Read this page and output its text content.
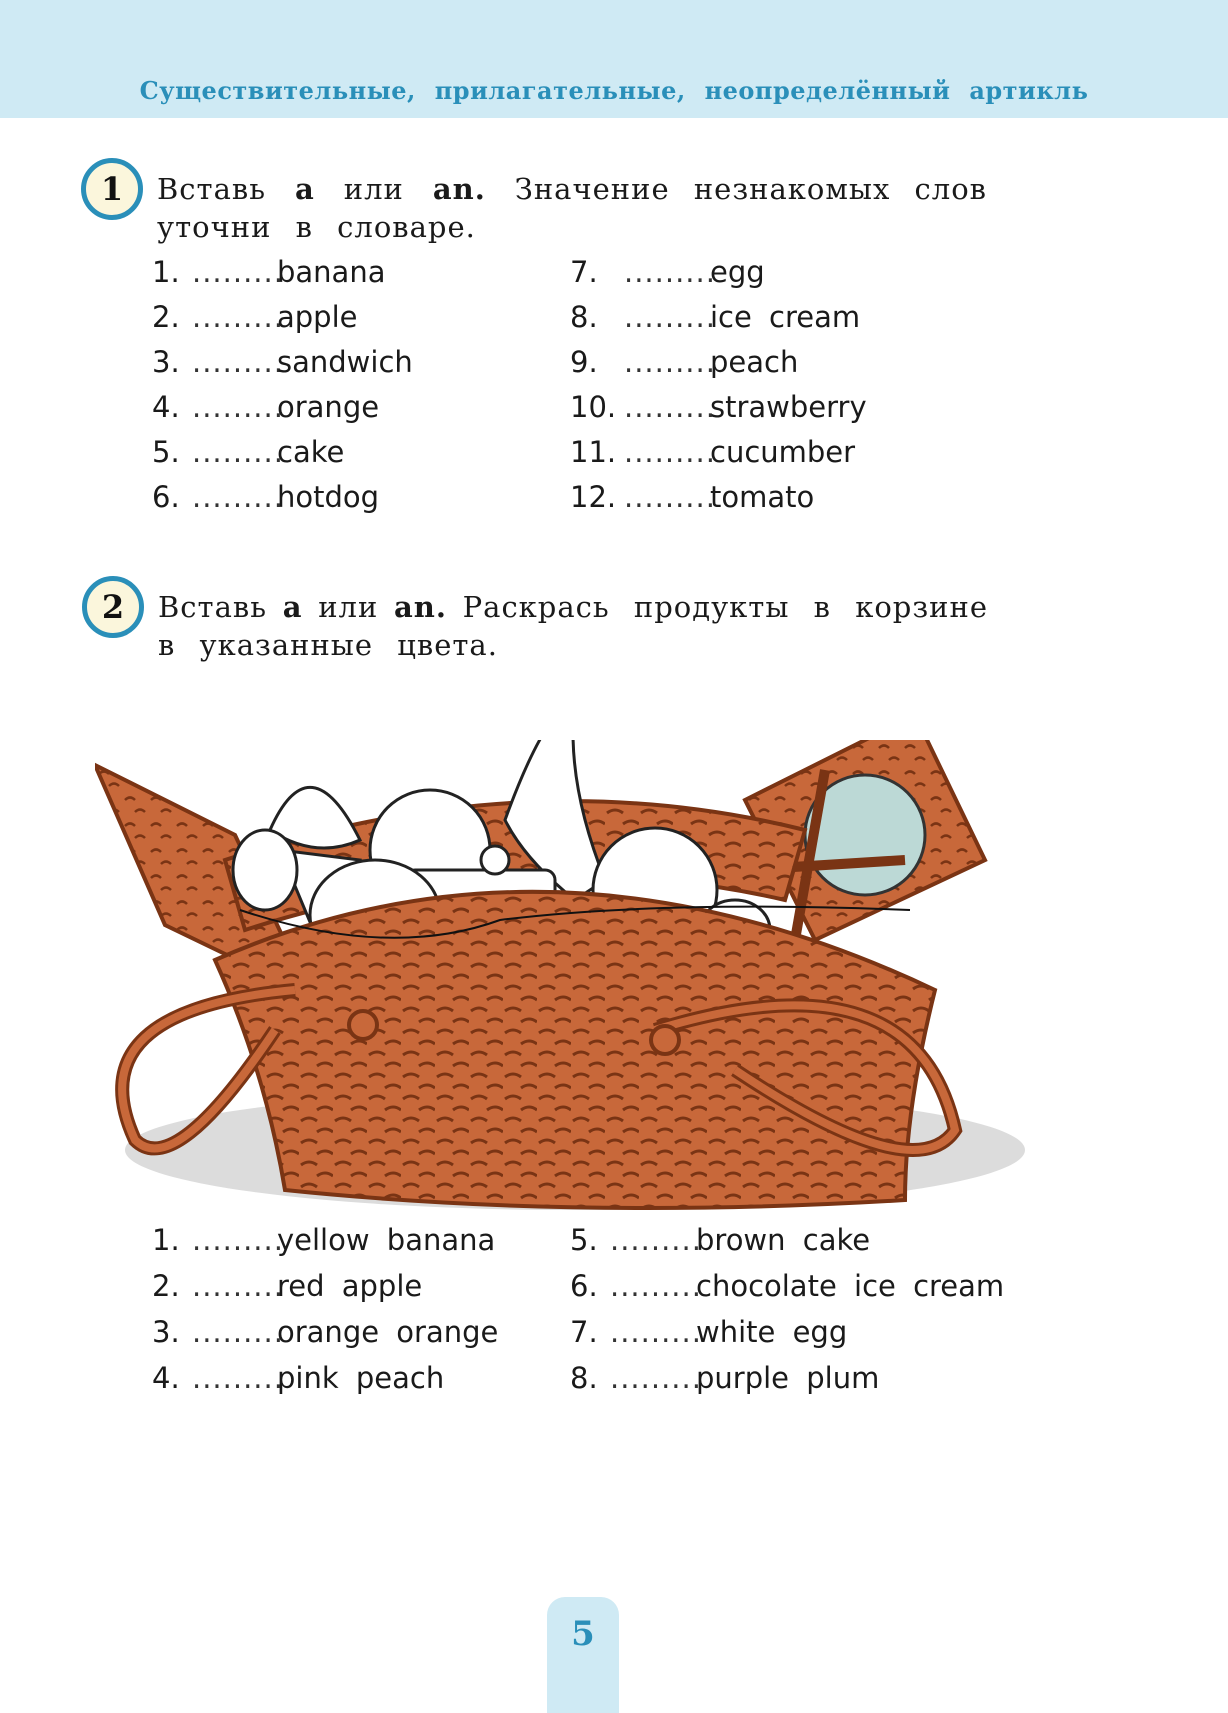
Существительные, прилагательные, неопределённый артикль
1 Вставь a или an. Значение незнакомых слов
уточни в словаре.
1. .........
banana
2. .........
apple
3. .........
sandwich
4. .........
orange
5. .........
cake
6. .........
hotdog
7. .........
egg
8. .........
ice cream
9. .........
peach
10. .........
strawberry
11. .........
cucumber
12. .........
tomato
2 Вставь a или an. Раскрась продукты в корзине
в указанные цвета.
1. .........
yellow banana
2. .........
red apple
3. .........
orange orange
4. .........
pink peach
5. .........
brown cake
6. .........
chocolate ice cream
7. .........
white egg
8. .........
purple plum
5
